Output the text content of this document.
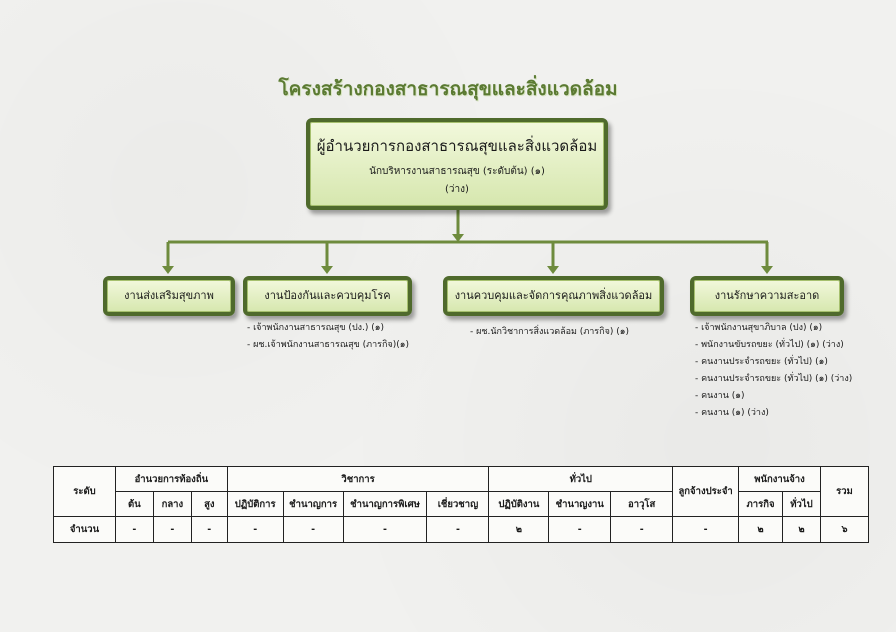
โครงสร้างกองสาธารณสุขและสิ่งแวดล้อม
ผู้อำนวยการกองสาธารณสุขและสิ่งแวดล้อม
นักบริหารงานสาธารณสุข (ระดับต้น) (๑)
(ว่าง)
งานส่งเสริมสุขภาพ	งานป้องกันและควบคุมโรค	งานควบคุมและจัดการคุณภาพสิ่งแวดล้อม	งานรักษาความสะอาด
- เจ้าพนักงานสาธารณสุข (ปง.) (๑)
- ผช.เจ้าพนักงานสาธารณสุข (ภารกิจ)(๑)
- ผช.นักวิชาการสิ่งแวดล้อม (ภารกิจ) (๑)	- เจ้าพนักงานสุขาภิบาล (ปง) (๑)
- พนักงานขับรถขยะ (ทั่วไป) (๑) (ว่าง)
- คนงานประจำรถขยะ (ทั่วไป) (๑)
- คนงานประจำรถขยะ (ทั่วไป) (๑) (ว่าง)
- คนงาน (๑)
- คนงาน (๑) (ว่าง)
ระดับ	อำนวยการท้องถิ่น			วิชาการ				ทั่วไป			ลูกจ้างประจำ	พนักงานจ้าง		รวม
	ต้น	กลาง	สูง	ปฏิบัติการ	ชำนาญการ	ชำนาญการพิเศษ	เชี่ยวชาญ	ปฏิบัติงาน	ชำนาญงาน	อาวุโส		ภารกิจ	ทั่วไป	
จำนวน	-	-	-	-	-	-	-	๒	-	-	-	๒	๒	๖
